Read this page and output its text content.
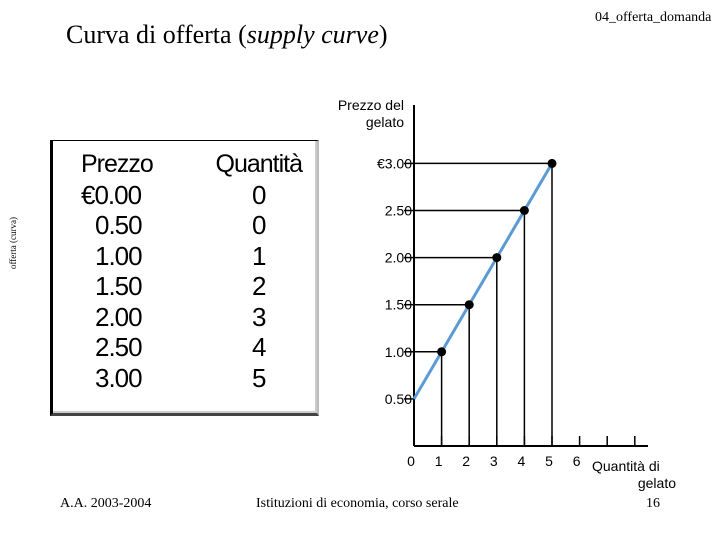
Prezzo del
gelato
€3.00
2.50
2.00
1.50
1.00
0.50
0 1 2 3 4 5 6 Quantità di
gelato
Curva di offerta (supply curve)
04_offerta_domanda
offerta (curva)
Prezzo	Quantità
€0.00	0
0.50	0
1.00	1
1.50	2
2.00	3
2.50	4
3.00	5
A.A. 2003-2004	Istituzioni di economia, corso serale	16
